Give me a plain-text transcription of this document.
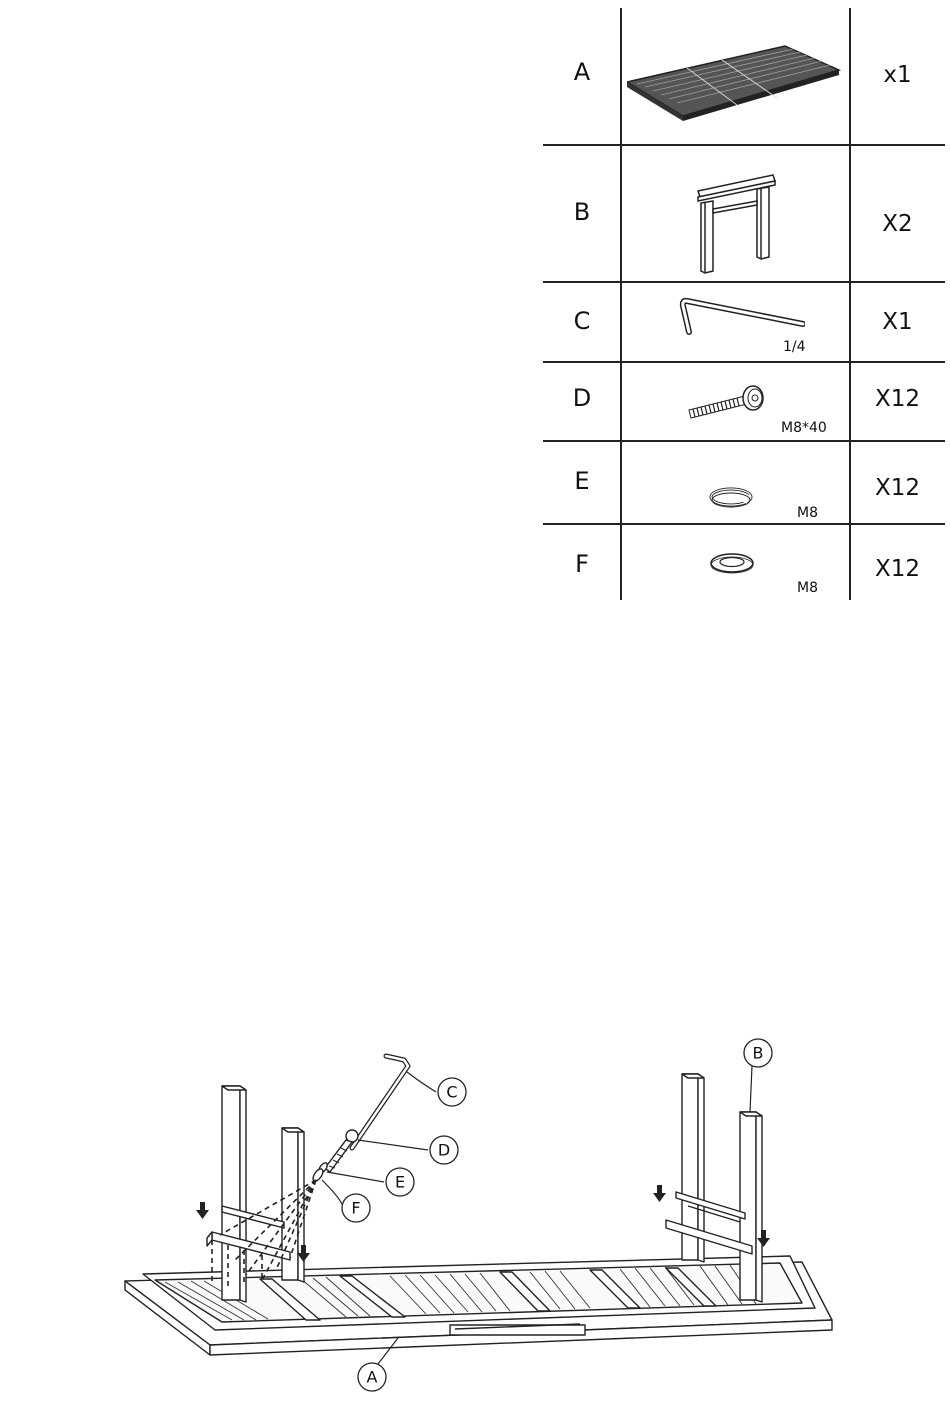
A	x1
B	X2
C
1/4
X1
D
M8*40
X12
E
M8
X12
F
M8
X12
C
D
E
F
B
A
